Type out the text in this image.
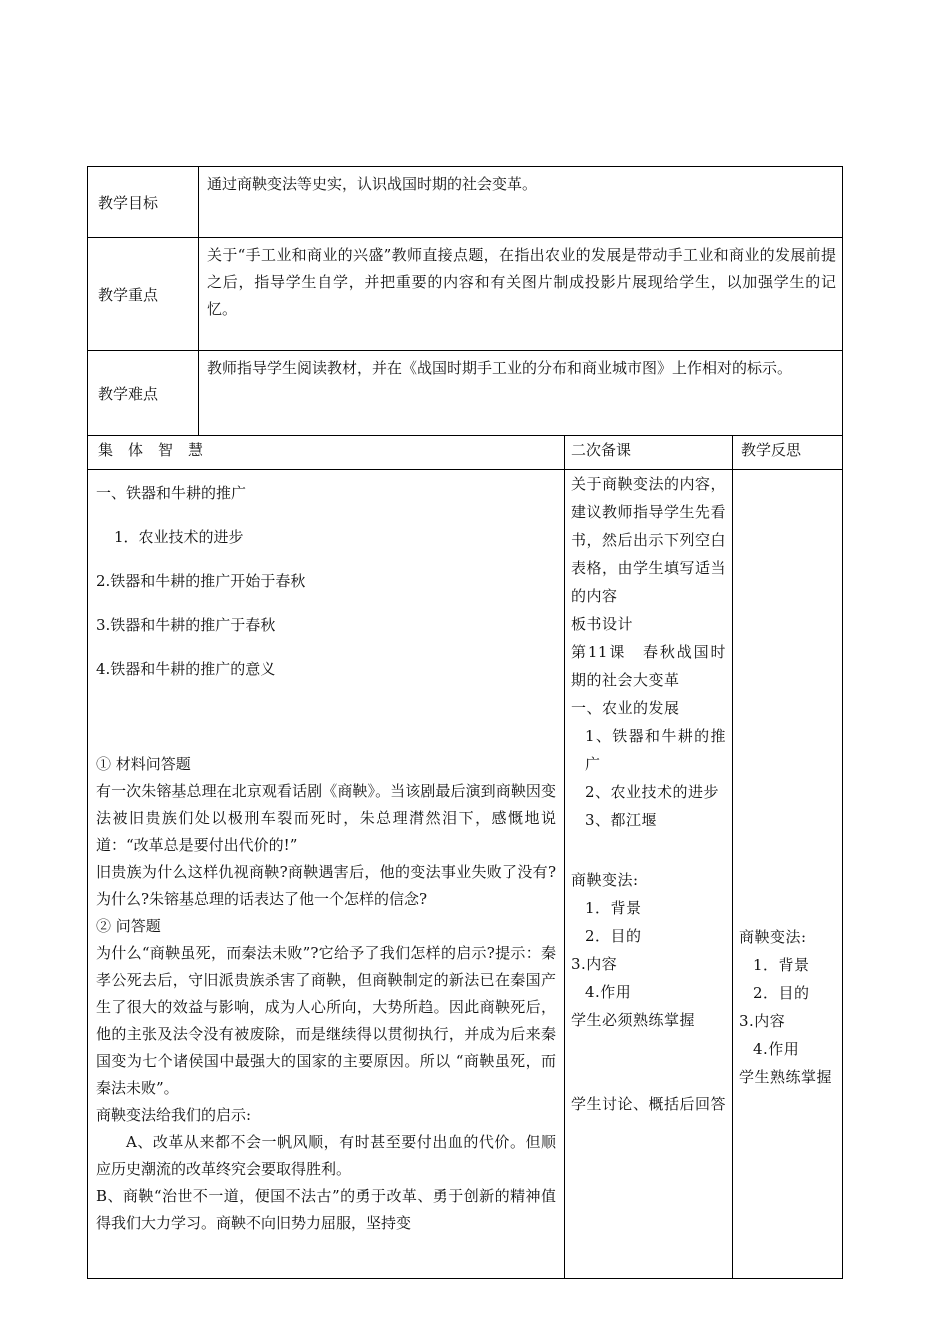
教学目标
通过商鞅变法等史实，认识战国时期的社会变革。
教学重点
关于“手工业和商业的兴盛”教师直接点题，在指出农业的发展是带动手工业和商业的发展前提之后，指导学生自学，并把重要的内容和有关图片制成投影片展现给学生，以加强学生的记忆。
教学难点
教师指导学生阅读教材，并在《战国时期手工业的分布和商业城市图》上作相对的标示。
集　体　智　慧	二次备课	教学反思

一、铁器和牛耕的推广

1．农业技术的进步

2.铁器和牛耕的推广开始于春秋

3.铁器和牛耕的推广于春秋

4.铁器和牛耕的推广的意义

① 材料问答题

有一次朱镕基总理在北京观看话剧《商鞅》。当该剧最后演到商鞅因变法被旧贵族们处以极刑车裂而死时，朱总理潸然泪下，感慨地说道：“改革总是要付出代价的!”

旧贵族为什么这样仇视商鞅?商鞅遇害后，他的变法事业失败了没有?为什么?朱镕基总理的话表达了他一个怎样的信念?

② 问答题

为什么“商鞅虽死，而秦法未败”?它给予了我们怎样的启示?提示：秦孝公死去后，守旧派贵族杀害了商鞅，但商鞅制定的新法已在秦国产生了很大的效益与影响，成为人心所向，大势所趋。因此商鞅死后，他的主张及法令没有被废除，而是继续得以贯彻执行，并成为后来秦国变为七个诸侯国中最强大的国家的主要原因。所以 “商鞅虽死，而秦法未败”。

商鞅变法给我们的启示:

A、改革从来都不会一帆风顺，有时甚至要付出血的代价。但顺应历史潮流的改革终究会要取得胜利。

B、商鞅“治世不一道，便国不法古”的勇于改革、勇于创新的精神值得我们大力学习。商鞅不向旧势力屈服，坚持变

关于商鞅变法的内容，建议教师指导学生先看书，然后出示下列空白表格，由学生填写适当的内容

板书设计

第11课　春秋战国时期的社会大变革

一、农业的发展

1、铁器和牛耕的推广

2、农业技术的进步

3、都江堰

商鞅变法:

1．背景

2．目的

3.内容

4.作用

学生必须熟练掌握

学生讨论、概括后回答

商鞅变法:

1．背景

2．目的

3.内容

4.作用

学生熟练掌握
